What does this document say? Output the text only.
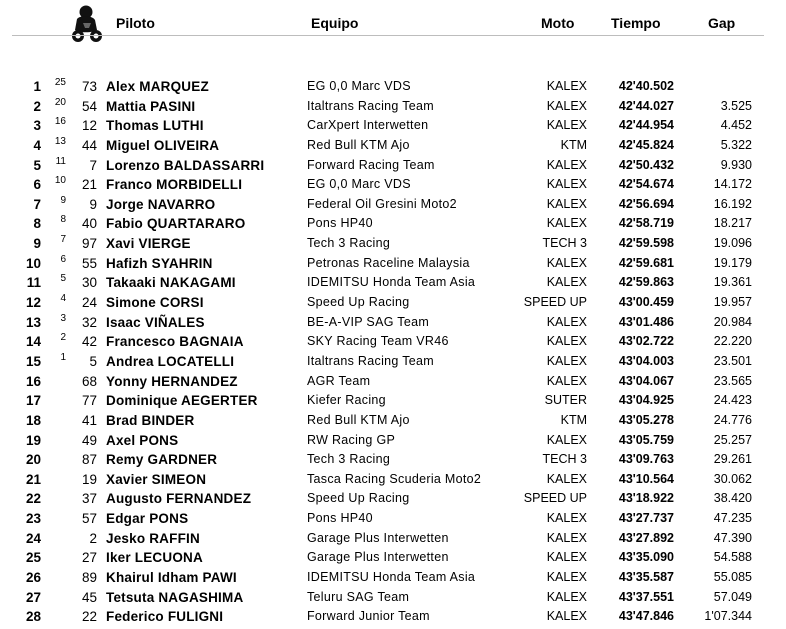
Piloto	Equipo	Moto	Tiempo	Gap
1	25	73 Alex MARQUEZ	EG 0,0 Marc VDS	KALEX	42'40.502
2	20	54 Mattia PASINI	Italtrans Racing Team	KALEX	42'44.027	3.525
3	16	12 Thomas LUTHI	CarXpert Interwetten	KALEX	42'44.954	4.452
4	13	44 Miguel OLIVEIRA	Red Bull KTM Ajo	KTM	42'45.824	5.322
5	11	7 Lorenzo BALDASSARRI	Forward Racing Team	KALEX	42'50.432	9.930
6	10	21 Franco MORBIDELLI	EG 0,0 Marc VDS	KALEX	42'54.674	14.172
7	9	9 Jorge NAVARRO	Federal Oil Gresini Moto2	KALEX	42'56.694	16.192
8	8	40 Fabio QUARTARARO	Pons HP40	KALEX	42'58.719	18.217
9	7	97 Xavi VIERGE	Tech 3 Racing	TECH 3	42'59.598	19.096
10	6	55 Hafizh SYAHRIN	Petronas Raceline Malaysia	KALEX	42'59.681	19.179
11	5	30 Takaaki NAKAGAMI	IDEMITSU Honda Team Asia	KALEX	42'59.863	19.361
12	4	24 Simone CORSI	Speed Up Racing	SPEED UP	43'00.459	19.957
13	3	32 Isaac VIÑALES	BE-A-VIP SAG Team	KALEX	43'01.486	20.984
14	2	42 Francesco BAGNAIA	SKY Racing Team VR46	KALEX	43'02.722	22.220
15	1	5 Andrea LOCATELLI	Italtrans Racing Team	KALEX	43'04.003	23.501
16	68 Yonny HERNANDEZ	AGR Team	KALEX	43'04.067	23.565
17	77 Dominique AEGERTER	Kiefer Racing	SUTER	43'04.925	24.423
18	41 Brad BINDER	Red Bull KTM Ajo	KTM	43'05.278	24.776
19	49 Axel PONS	RW Racing GP	KALEX	43'05.759	25.257
20	87 Remy GARDNER	Tech 3 Racing	TECH 3	43'09.763	29.261
21	19 Xavier SIMEON	Tasca Racing Scuderia Moto2	KALEX	43'10.564	30.062
22	37 Augusto FERNANDEZ	Speed Up Racing	SPEED UP	43'18.922	38.420
23	57 Edgar PONS	Pons HP40	KALEX	43'27.737	47.235
24	2 Jesko RAFFIN	Garage Plus Interwetten	KALEX	43'27.892	47.390
25	27 Iker LECUONA	Garage Plus Interwetten	KALEX	43'35.090	54.588
26	89 Khairul Idham PAWI	IDEMITSU Honda Team Asia	KALEX	43'35.587	55.085
27	45 Tetsuta NAGASHIMA	Teluru SAG Team	KALEX	43'37.551	57.049
28	22 Federico FULIGNI	Forward Junior Team	KALEX	43'47.846	1'07.344
